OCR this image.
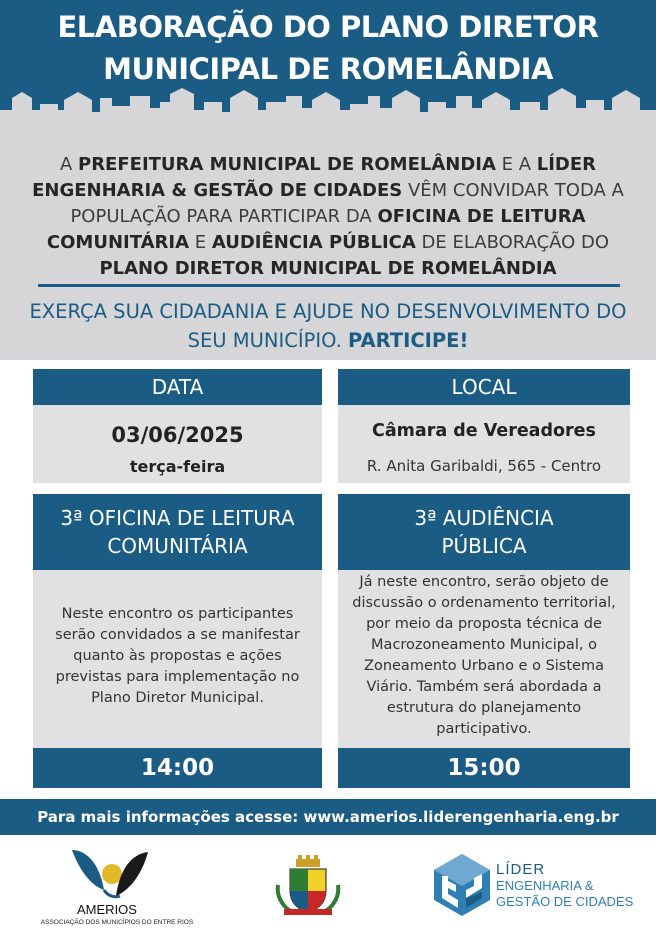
ELABORAÇÃO DO PLANO DIRETOR
MUNICIPAL DE ROMELÂNDIA
A PREFEITURA MUNICIPAL DE ROMELÂNDIA E A LÍDER ENGENHARIA & GESTÃO DE CIDADES VÊM CONVIDAR TODA A POPULAÇÃO PARA PARTICIPAR DA OFICINA DE LEITURA COMUNITÁRIA E AUDIÊNCIA PÚBLICA DE ELABORAÇÃO DO PLANO DIRETOR MUNICIPAL DE ROMELÂNDIA
EXERÇA SUA CIDADANIA E AJUDE NO DESENVOLVIMENTO DO SEU MUNICÍPIO. PARTICIPE!
DATA
03/06/2025
terça-feira
LOCAL
Câmara de Vereadores
R. Anita Garibaldi, 565 - Centro
3ª OFICINA DE LEITURA
COMUNITÁRIA
Neste encontro os participantes serão convidados a se manifestar quanto às propostas e ações previstas para implementação no Plano Diretor Municipal.
14:00
3ª AUDIÊNCIA
PÚBLICA
Já neste encontro, serão objeto de discussão o ordenamento territorial, por meio da proposta técnica de Macrozoneamento Municipal, o Zoneamento Urbano e o Sistema Viário. Também será abordada a estrutura do planejamento participativo.
15:00
Para mais informações acesse: www.amerios.liderengenharia.eng.br
AMERIOS
ASSOCIAÇÃO DOS MUNICÍPIOS DO ENTRE RIOS
LÍDER
ENGENHARIA &
GESTÃO DE CIDADES
